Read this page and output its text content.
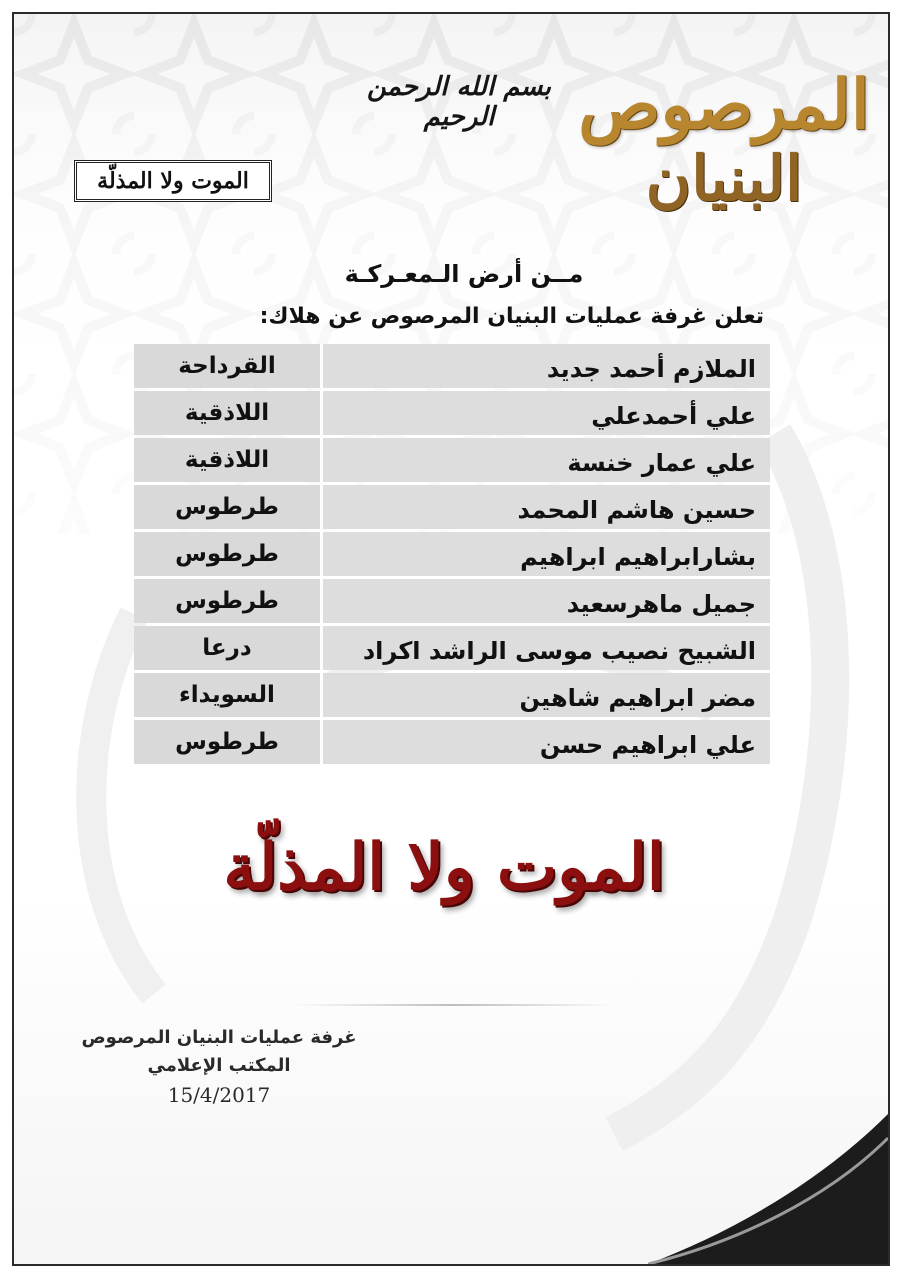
المرصوص
البنيان
بسم الله الرحمن الرحيم
الموت ولا المذلّة
مــن أرض الـمعـركـة
تعلن غرفة عمليات البنيان المرصوص عن هلاك:
الملازم أحمد جديد
القرداحة
علي أحمدعلي
اللاذقية
علي عمار خنسة
اللاذقية
حسين هاشم المحمد
طرطوس
بشارابراهيم ابراهيم
طرطوس
جميل ماهرسعيد
طرطوس
الشبيح نصيب موسى الراشد اكراد
درعا
مضر ابراهيم شاهين
السويداء
علي ابراهيم حسن
طرطوس
الموت ولا المذلّة
غرفة عمليات البنيان المرصوص
المكتب الإعلامي
15/4/2017
